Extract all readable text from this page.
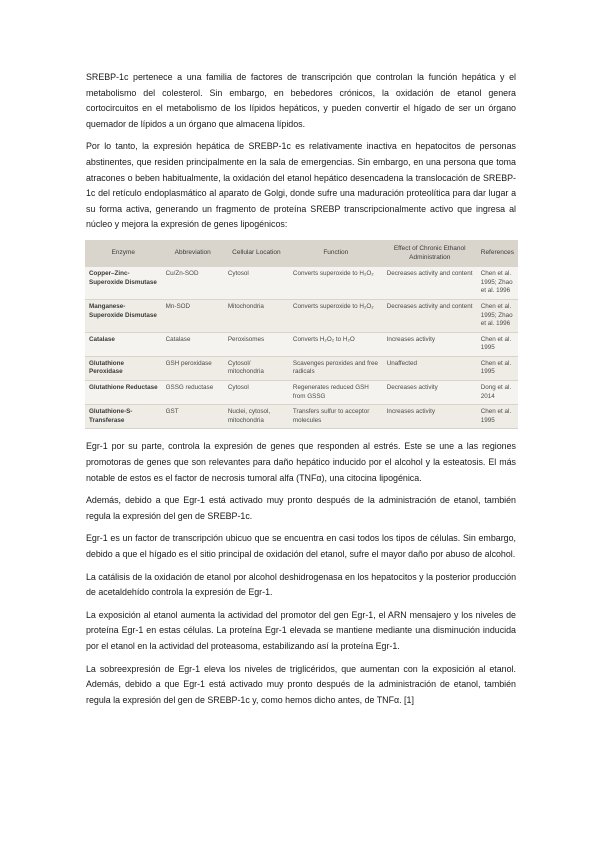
SREBP-1c pertenece a una familia de factores de transcripción que controlan la función hepática y el metabolismo del colesterol. Sin embargo, en bebedores crónicos, la oxidación de etanol genera cortocircuitos en el metabolismo de los lípidos hepáticos, y pueden convertir el hígado de ser un órgano quemador de lípidos a un órgano que almacena lípidos.

Por lo tanto, la expresión hepática de SREBP-1c es relativamente inactiva en hepatocitos de personas abstinentes, que residen principalmente en la sala de emergencias. Sin embargo, en una persona que toma atracones o beben habitualmente, la oxidación del etanol hepático desencadena la translocación de SREBP-1c del retículo endoplasmático al aparato de Golgi, donde sufre una maduración proteolítica para dar lugar a su forma activa, generando un fragmento de proteína SREBP transcripcionalmente activo que ingresa al núcleo y mejora la expresión de genes lipogénicos:

Enzyme	Abbreviation	Cellular Location	Function	Effect of Chronic Ethanol Administration	References
Copper–Zinc-Superoxide Dismutase	Cu/Zn-SOD	Cytosol	Converts superoxide to H₂O₂	Decreases activity and content	Chen et al. 1995; Zhao et al. 1996
Manganese-Superoxide Dismutase	Mn-SOD	Mitochondria	Converts superoxide to H₂O₂	Decreases activity and content	Chen et al. 1995; Zhao et al. 1996
Catalase	Catalase	Peroxisomes	Converts H₂O₂ to H₂O	Increases activity	Chen et al. 1995
Glutathione Peroxidase	GSH peroxidase	Cytosol/ mitochondria	Scavenges peroxides and free radicals	Unaffected	Chen et al. 1995
Glutathione Reductase	GSSG reductase	Cytosol	Regenerates reduced GSH from GSSG	Decreases activity	Dong et al. 2014
Glutathione-S-Transferase	GST	Nuclei, cytosol, mitochondria	Transfers sulfur to acceptor molecules	Increases activity	Chen et al. 1995

Egr-1 por su parte, controla la expresión de genes que responden al estrés. Este se une a las regiones promotoras de genes que son relevantes para daño hepático inducido por el alcohol y la esteatosis. El más notable de estos es el factor de necrosis tumoral alfa (TNFα), una citocina lipogénica.

Además, debido a que Egr-1 está activado muy pronto después de la administración de etanol, también regula la expresión del gen de SREBP-1c.

Egr-1 es un factor de transcripción ubicuo que se encuentra en casi todos los tipos de células. Sin embargo, debido a que el hígado es el sitio principal de oxidación del etanol, sufre el mayor daño por abuso de alcohol.

La catálisis de la oxidación de etanol por alcohol deshidrogenasa en los hepatocitos y la posterior producción de acetaldehído controla la expresión de Egr-1.

La exposición al etanol aumenta la actividad del promotor del gen Egr-1, el ARN mensajero y los niveles de proteína Egr-1 en estas células. La proteína Egr-1 elevada se mantiene mediante una disminución inducida por el etanol en la actividad del proteasoma, estabilizando así la proteína Egr-1.

La sobreexpresión de Egr-1 eleva los niveles de triglicéridos, que aumentan con la exposición al etanol. Además, debido a que Egr-1 está activado muy pronto después de la administración de etanol, también regula la expresión del gen de SREBP-1c y, como hemos dicho antes, de TNFα. [1]
